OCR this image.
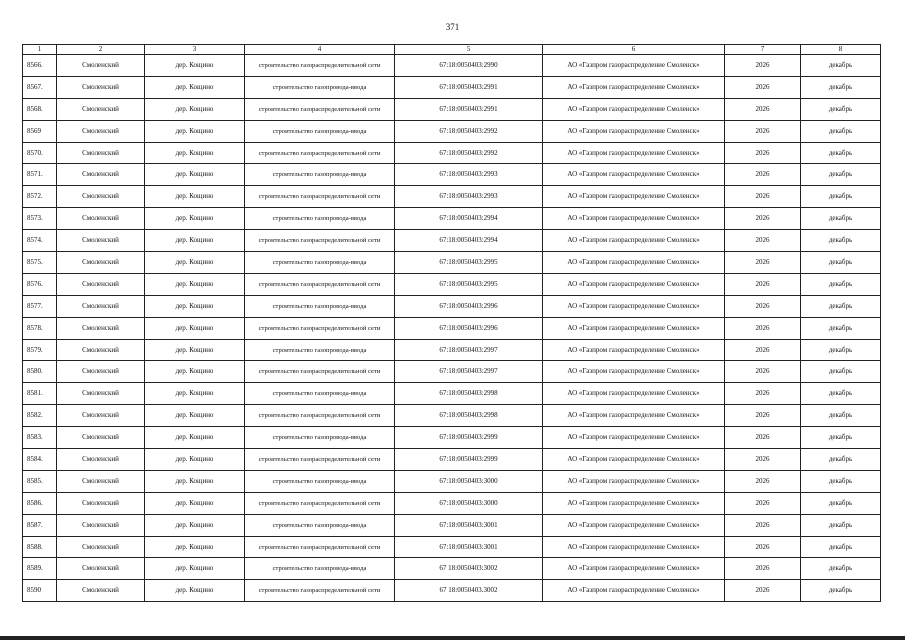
371
1	2	3	4	5	6	7	8
8566.	Смоленский	дер. Кощино	строительство газораспределительной сети	67:18:0050403:2990	АО «Газпром газораспределение Смоленск»	2026	декабрь
8567.	Смоленский	дер. Кощино	строительство газопровода-ввода	67:18:0050403:2991	АО «Газпром газораспределение Смоленск»	2026	декабрь
8568.	Смоленский	дер. Кощино	строительство газораспределительной сети	67:18:0050403:2991	АО «Газпром газораспределение Смоленск»	2026	декабрь
8569	Смоленский	дер. Кощино	строительство газопровода-ввода	67:18:0050403:2992	АО «Газпром газораспределение Смоленск»	2026	декабрь
8570.	Смоленский	дер. Кощино	строительство газораспределительной сети	67:18:0050403:2992	АО «Газпром газораспределение Смоленск»	2026	декабрь
8571.	Смоленский	дер. Кощино	строительство газопровода-ввода	67:18:0050403:2993	АО «Газпром газораспределение Смоленск»	2026	декабрь
8572.	Смоленский	дер. Кощино	строительство газораспределительной сети	67:18:0050403:2993	АО «Газпром газораспределение Смоленск»	2026	декабрь
8573.	Смоленский	дер. Кощино	строительство газопровода-ввода	67:18:0050403:2994	АО «Газпром газораспределение Смоленск»	2026	декабрь
8574.	Смоленский	дер. Кощино	строительство газораспределительной сети	67:18:0050403:2994	АО «Газпром газораспределение Смоленск»	2026	декабрь
8575.	Смоленский	дер. Кощино	строительство газопровода-ввода	67:18:0050403:2995	АО «Газпром газораспределение Смоленск»	2026	декабрь
8576.	Смоленский	дер. Кощино	строительство газораспределительной сети	67:18:0050403:2995	АО «Газпром газораспределение Смоленск»	2026	декабрь
8577.	Смоленский	дер. Кощино	строительство газопровода-ввода	67:18:0050403:2996	АО «Газпром газораспределение Смоленск»	2026	декабрь
8578.	Смоленский	дер. Кощино	строительство газораспределительной сети	67:18:0050403:2996	АО «Газпром газораспределение Смоленск»	2026	декабрь
8579.	Смоленский	дер. Кощино	строительство газопровода-ввода	67:18:0050403:2997	АО «Газпром газораспределение Смоленск»	2026	декабрь
8580.	Смоленский	дер. Кощино	строительство газораспределительной сети	67:18:0050403:2997	АО «Газпром газораспределение Смоленск»	2026	декабрь
8581.	Смоленский	дер. Кощино	строительство газопровода-ввода	67:18:0050403:2998	АО «Газпром газораспределение Смоленск»	2026	декабрь
8582.	Смоленский	дер. Кощино	строительство газораспределительной сети	67:18:0050403:2998	АО «Газпром газораспределение Смоленск»	2026	декабрь
8583.	Смоленский	дер. Кощино	строительство газопровода-ввода	67:18:0050403:2999	АО «Газпром газораспределение Смоленск»	2026	декабрь
8584.	Смоленский	дер. Кощино	строительство газораспределительной сети	67:18:0050403:2999	АО «Газпром газораспределение Смоленск»	2026	декабрь
8585.	Смоленский	дер. Кощино	строительство газопровода-ввода	67:18:0050403:3000	АО «Газпром газораспределение Смоленск»	2026	декабрь
8586.	Смоленский	дер. Кощино	строительство газораспределительной сети	67:18:0050403:3000	АО «Газпром газораспределение Смоленск»	2026	декабрь
8587.	Смоленский	дер. Кощино	строительство газопровода-ввода	67:18:0050403:3001	АО «Газпром газораспределение Смоленск»	2026	декабрь
8588.	Смоленский	дер. Кощино	строительство газораспределительной сети	67:18:0050403:3001	АО «Газпром газораспределение Смоленск»	2026	декабрь
8589.	Смоленский	дер. Кощино	строительство газопровода-ввода	67 18:0050403:3002	АО «Газпром газораспределение Смоленск»	2026	декабрь
8590	Смоленский	дер. Кощино	строительство газораспределительной сети	67 18:0050403.3002	АО «Газпром газораспределение Смоленск»	2026	декабрь
